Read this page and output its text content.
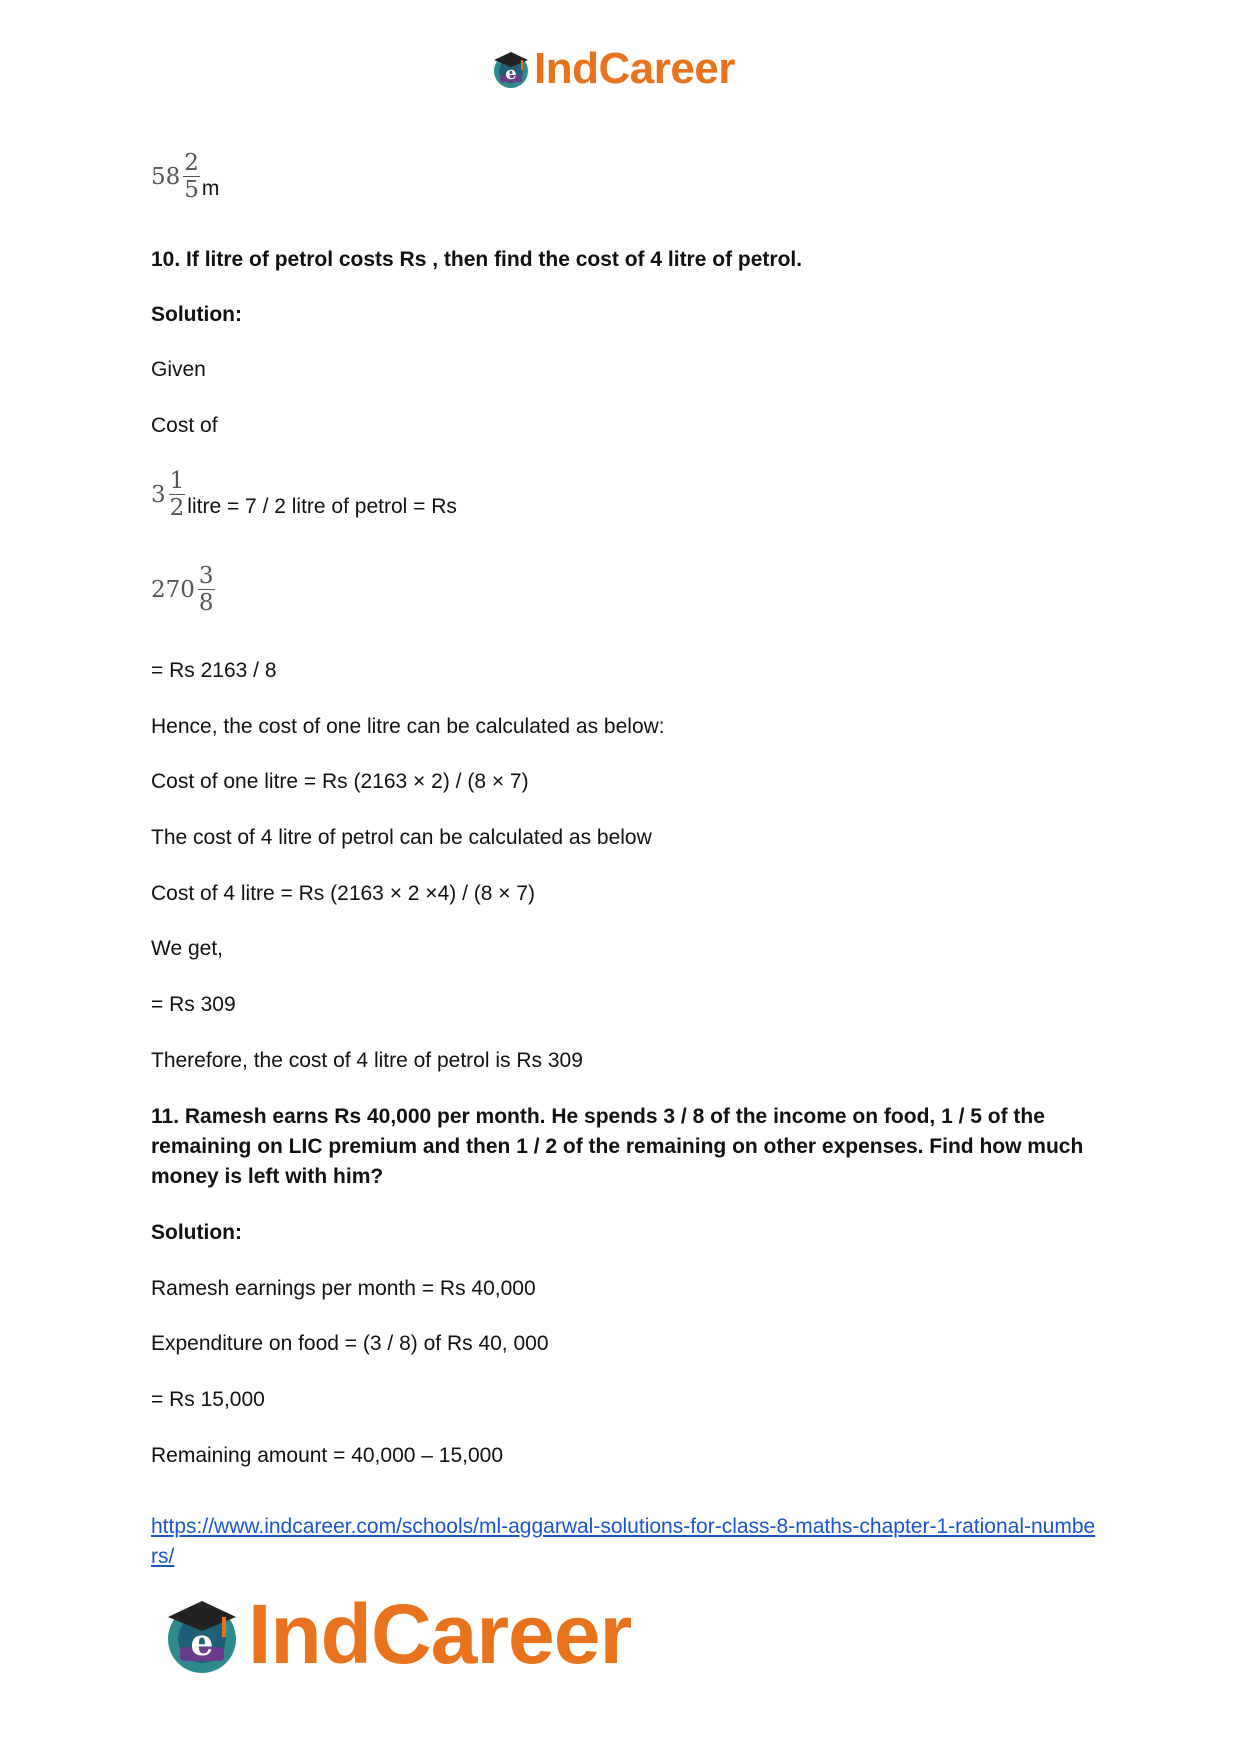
e IndCareer
$58 \frac{2}{5}$ m
10. If litre of petrol costs Rs , then find the cost of 4 litre of petrol.
Solution:
Given
Cost of
$3 \frac{1}{2}$ litre = 7 / 2 litre of petrol = Rs
$270 \frac{3}{8}$
= Rs 2163 / 8
Hence, the cost of one litre can be calculated as below:
Cost of one litre = Rs (2163 × 2) / (8 × 7)
The cost of 4 litre of petrol can be calculated as below
Cost of 4 litre = Rs (2163 × 2 ×4) / (8 × 7)
We get,
= Rs 309
Therefore, the cost of 4 litre of petrol is Rs 309
11. Ramesh earns Rs 40,000 per month. He spends 3 / 8 of the income on food, 1 / 5 of the remaining on LIC premium and then 1 / 2 of the remaining on other expenses. Find how much money is left with him?
Solution:
Ramesh earnings per month = Rs 40,000
Expenditure on food = (3 / 8) of Rs 40, 000
= Rs 15,000
Remaining amount = 40,000 – 15,000
https://www.indcareer.com/schools/ml-aggarwal-solutions-for-class-8-maths-chapter-1-rational-numbers/
e IndCareer
